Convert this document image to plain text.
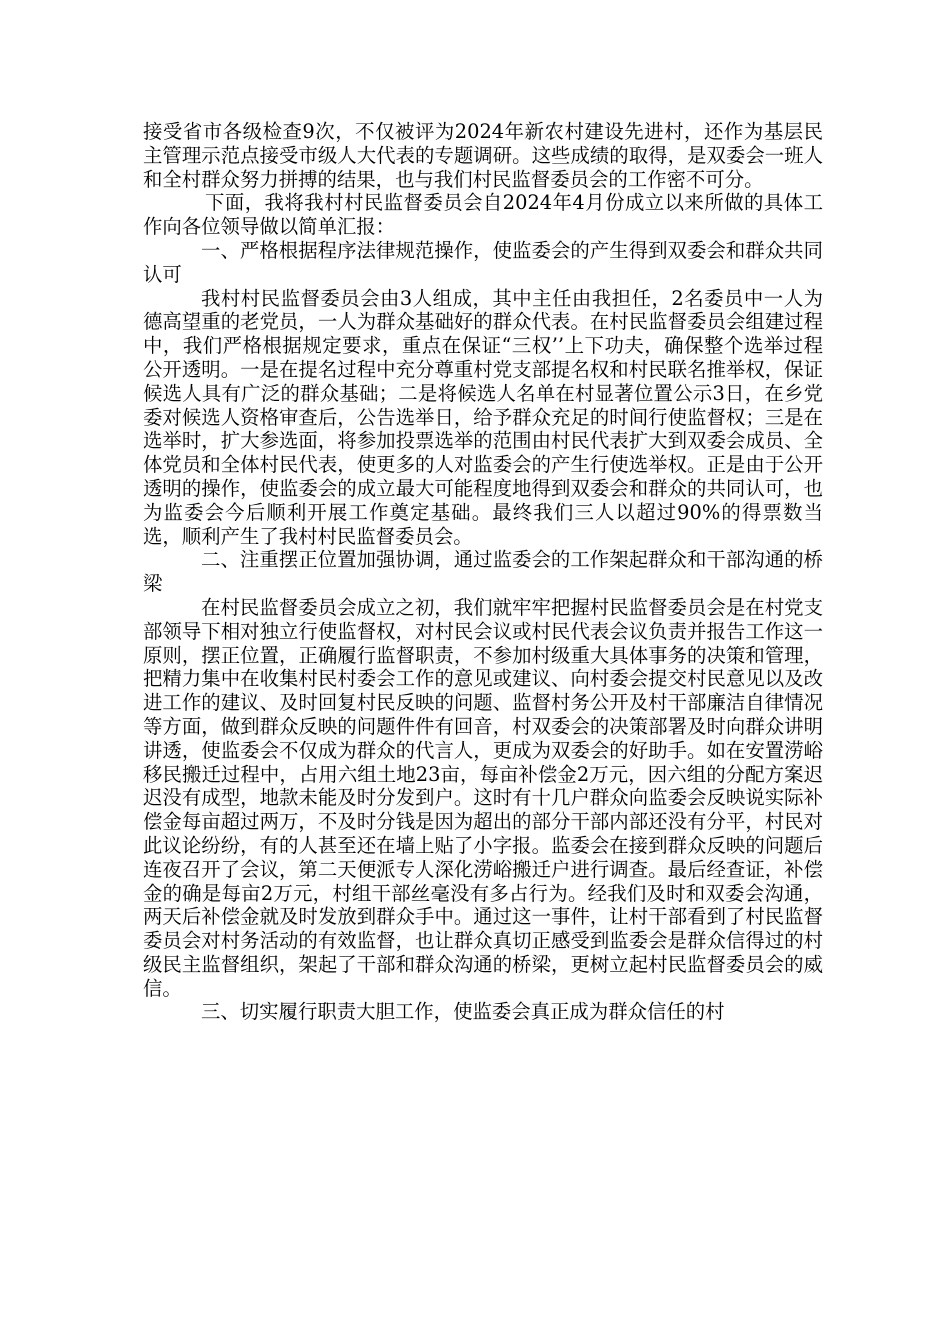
接受省市各级检查9次，不仅被评为2024年新农村建设先进村，还作为基层民主管理示范点接受市级人大代表的专题调研。这些成绩的取得，是双委会一班人和全村群众努力拼搏的结果，也与我们村民监督委员会的工作密不可分。

下面，我将我村村民监督委员会自2024年4月份成立以来所做的具体工作向各位领导做以简单汇报：

一、严格根据程序法律规范操作，使监委会的产生得到双委会和群众共同认可

我村村民监督委员会由3人组成，其中主任由我担任，2名委员中一人为德高望重的老党员，一人为群众基础好的群众代表。在村民监督委员会组建过程中，我们严格根据规定要求，重点在保证“三权’’上下功夫，确保整个选举过程公开透明。一是在提名过程中充分尊重村党支部提名权和村民联名推举权，保证候选人具有广泛的群众基础；二是将候选人名单在村显著位置公示3日，在乡党委对候选人资格审查后，公告选举日，给予群众充足的时间行使监督权；三是在选举时，扩大参选面，将参加投票选举的范围由村民代表扩大到双委会成员、全体党员和全体村民代表，使更多的人对监委会的产生行使选举权。正是由于公开透明的操作，使监委会的成立最大可能程度地得到双委会和群众的共同认可，也为监委会今后顺利开展工作奠定基础。最终我们三人以超过90%的得票数当选，顺利产生了我村村民监督委员会。

二、注重摆正位置加强协调，通过监委会的工作架起群众和干部沟通的桥梁

在村民监督委员会成立之初，我们就牢牢把握村民监督委员会是在村党支部领导下相对独立行使监督权，对村民会议或村民代表会议负责并报告工作这一原则，摆正位置，正确履行监督职责，不参加村级重大具体事务的决策和管理，把精力集中在收集村民村委会工作的意见或建议、向村委会提交村民意见以及改进工作的建议、及时回复村民反映的问题、监督村务公开及村干部廉洁自律情况等方面，做到群众反映的问题件件有回音，村双委会的决策部署及时向群众讲明讲透，使监委会不仅成为群众的代言人，更成为双委会的好助手。如在安置涝峪移民搬迁过程中，占用六组土地23亩，每亩补偿金2万元，因六组的分配方案迟迟没有成型，地款未能及时分发到户。这时有十几户群众向监委会反映说实际补偿金每亩超过两万，不及时分钱是因为超出的部分干部内部还没有分平，村民对此议论纷纷，有的人甚至还在墙上贴了小字报。监委会在接到群众反映的问题后连夜召开了会议，第二天便派专人深化涝峪搬迁户进行调查。最后经查证，补偿金的确是每亩2万元，村组干部丝毫没有多占行为。经我们及时和双委会沟通，两天后补偿金就及时发放到群众手中。通过这一事件，让村干部看到了村民监督委员会对村务活动的有效监督，也让群众真切正感受到监委会是群众信得过的村级民主监督组织，架起了干部和群众沟通的桥梁，更树立起村民监督委员会的威信。

三、切实履行职责大胆工作，使监委会真正成为群众信任的村
